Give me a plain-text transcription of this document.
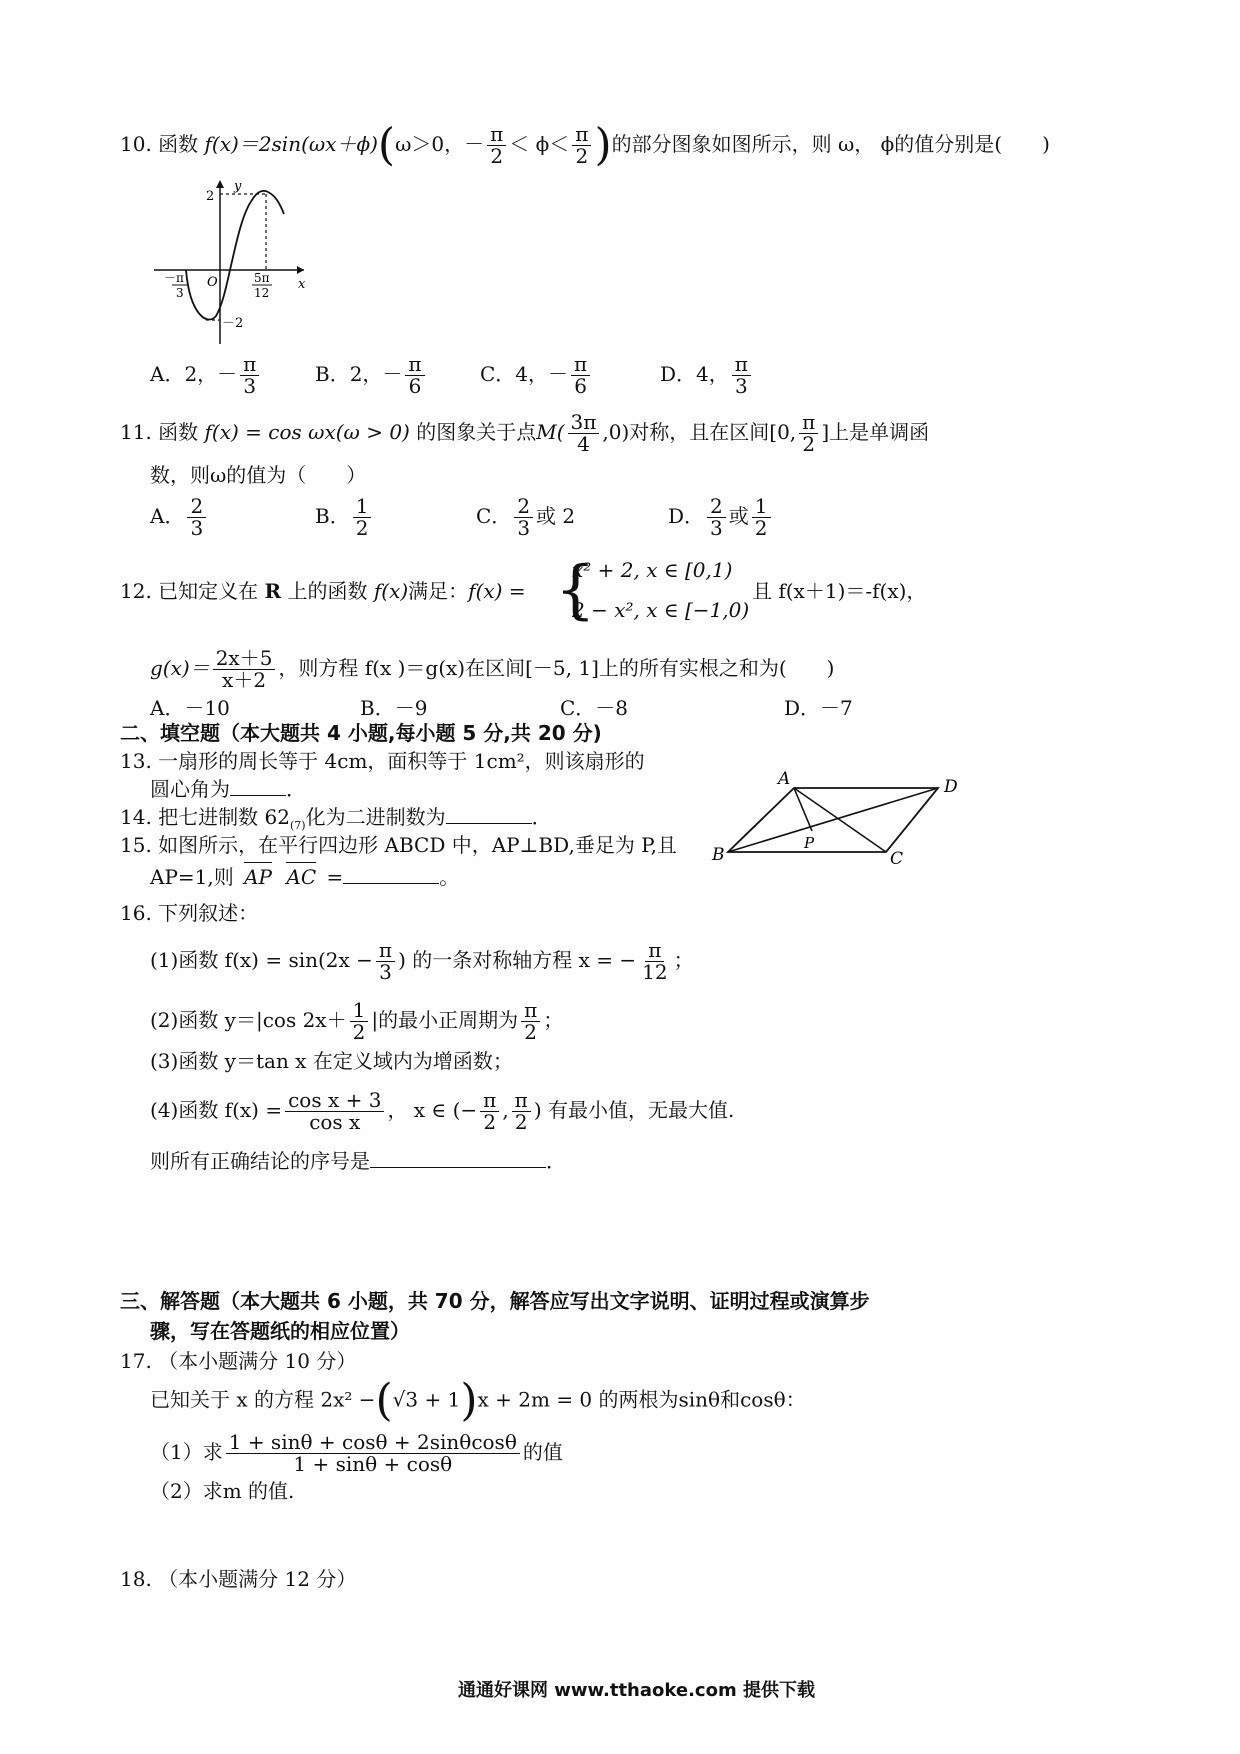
10. 函数 f(x)＝2sin(ωx＋ϕ)(ω＞0，－ $\frac{\pi}{2} < \phi< \frac{\pi}{2}$ )的部分图象如图所示，则 ω， ϕ的值分别是(　　)
y
x
O
2
－2
－ π
3
5π
12
A．2，－ $\frac{\pi}{3}$	B．2，－ $\frac{\pi}{6}$	C．4，－ $\frac{\pi}{6}$	D．4， $\frac{\pi}{3}$
11. 函数 f(x) = cos ωx(ω > 0) 的图象关于点$M( \frac{3\pi}{4} ,0)$对称，且在区间[0, $\frac{\pi}{2}$ ]上是单调函
数，则ω的值为（　　）
A． $\frac{2}{3}$	B． $\frac{1}{2}$	C． $\frac{2}{3}$ 或 2	D． $\frac{2}{3}$ 或 $\frac{1}{2}$
12. 已知定义在 R 上的函数 f(x)满足：f(x) = {
x² + 2, x ∈ [0,1)
2 − x², x ∈ [−1,0)
且 f(x＋1)＝-f(x)，
$g(x)= \frac{2x+5}{x+2}$ ，则方程 f(x )＝g(x)在区间[－5, 1]上的所有实根之和为(　　)
A．－10	B．－9	C．－8	D．－7
二、填空题（本大题共 4 小题,每小题 5 分,共 20 分)
13. 一扇形的周长等于 4cm，面积等于 1cm²，则该扇形的
圆心角为	．
14. 把七进制数 $62_{(7)}$化为二进制数为	．
15. 如图所示，在平行四边形 ABCD 中，AP⊥BD,垂足为 P,且
AP=1,则 AP AC =	。
A	D
B	C
P
16. 下列叙述：
(1)函数 $f(x) = \sin(2x - \frac{\pi}{3}$ ) 的一条对称轴方程 x = − $\frac{\pi}{12}$ ；
(2)函数 y＝|cos $2x+ \frac{1}{2}$ |的最小正周期为 $\frac{\pi}{2}$ ；
(3)函数 y＝tan x 在定义域内为增函数；
(4)函数 $f(x) = \frac{\text{cos x + 3}}{\text{cos x}}$ ， x ∈ (− $\frac{\pi}{2}$ , $\frac{\pi}{2}$ ) 有最小值，无最大值.
则所有正确结论的序号是	．
三、解答题（本大题共 6 小题，共 70 分，解答应写出文字说明、证明过程或演算步
骤，写在答题纸的相应位置）
17. （本小题满分 10 分）
已知关于 x 的方程 2x² −(√3 + 1)x + 2m = 0 的两根为sinθ和cosθ：
（1）求 $\frac{1 + \sin\theta + \cos\theta + 2\sin\theta\cos\theta}{1 + \sin\theta + \cos\theta}$ 的值
（2）求m 的值.
18. （本小题满分 12 分）
通通好课网 www.tthaoke.com 提供下载
